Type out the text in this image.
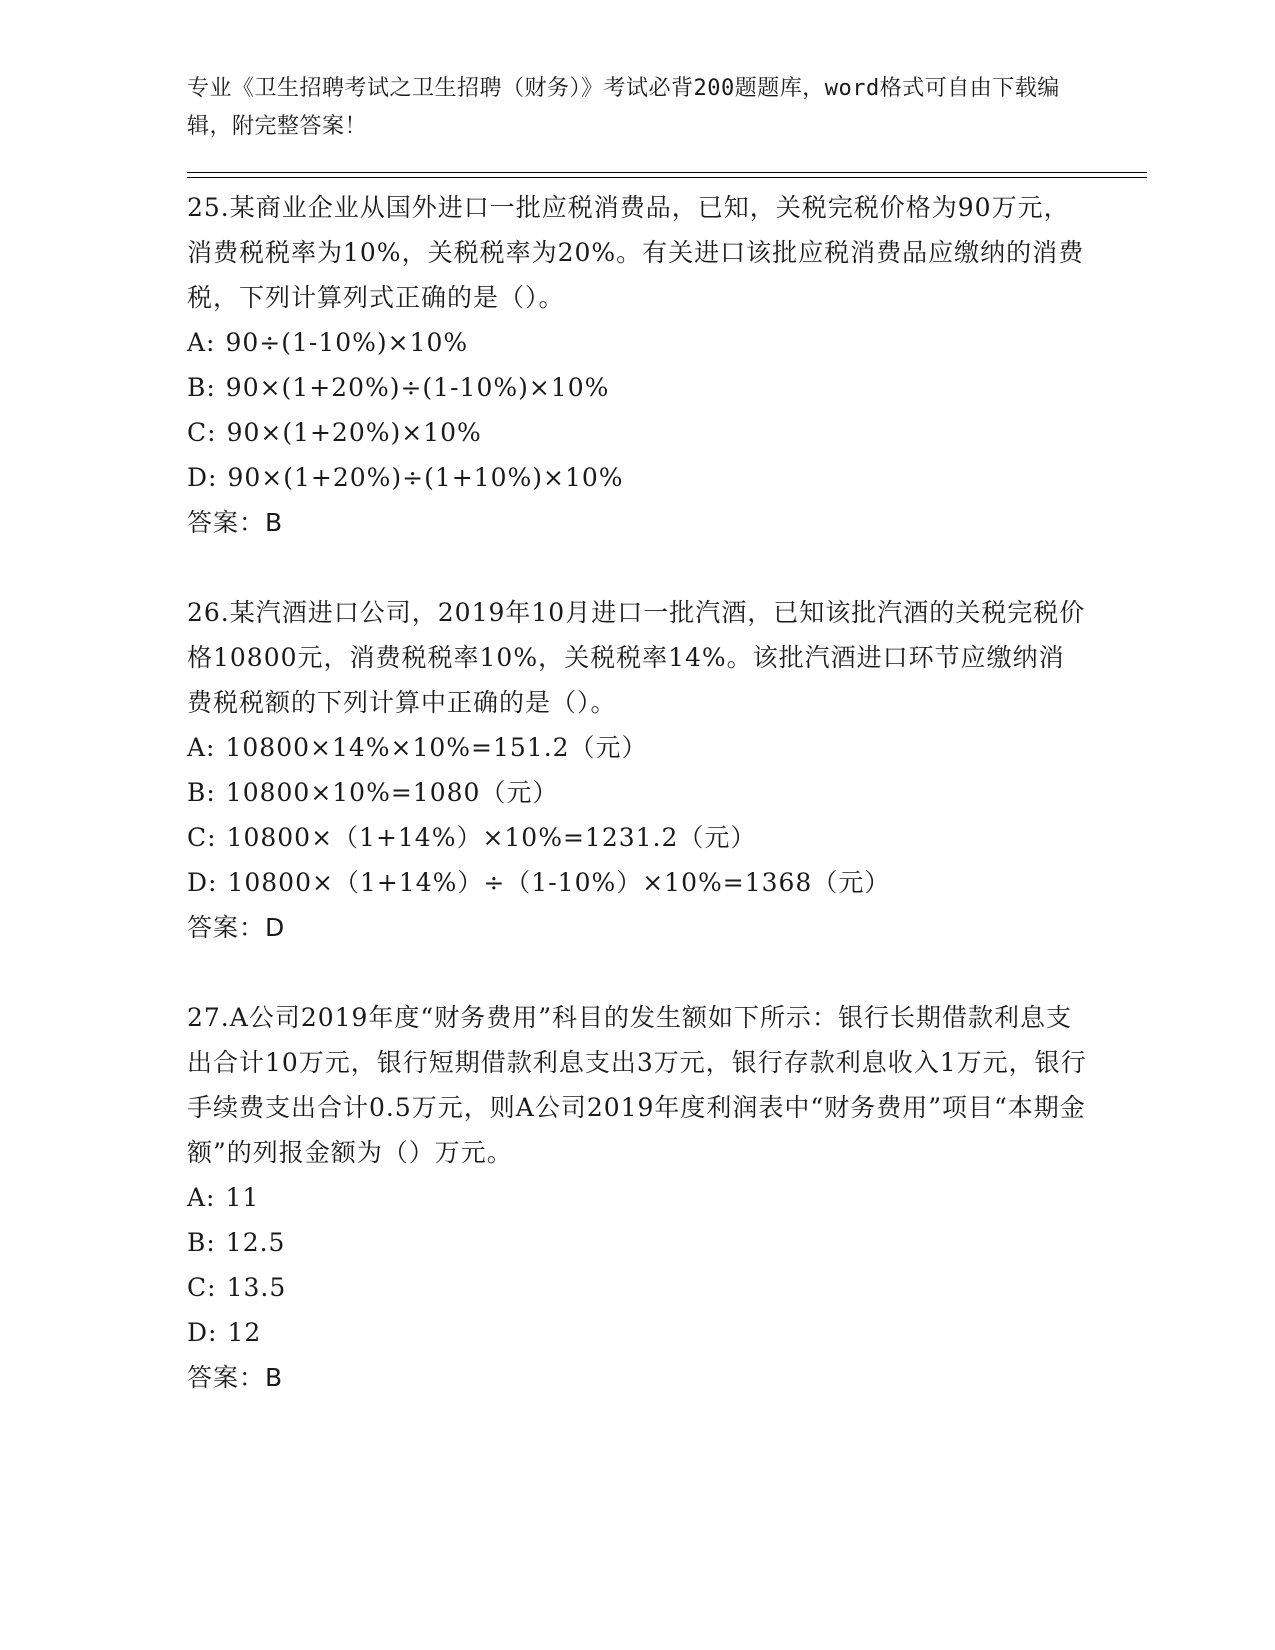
专业《卫生招聘考试之卫生招聘（财务）》考试必背200题题库，word格式可自由下载编辑，附完整答案！

25.某商业企业从国外进口一批应税消费品，已知，关税完税价格为90万元，消费税税率为10%，关税税率为20%。有关进口该批应税消费品应缴纳的消费税，下列计算列式正确的是（）。

A: 90÷(1-10%)×10%
B: 90×(1+20%)÷(1-10%)×10%
C: 90×(1+20%)×10%
D: 90×(1+20%)÷(1+10%)×10%

答案：B

26.某汽酒进口公司，2019年10月进口一批汽酒，已知该批汽酒的关税完税价格10800元，消费税税率10%，关税税率14%。该批汽酒进口环节应缴纳消费税税额的下列计算中正确的是（）。

A: 10800×14%×10%=151.2（元）
B: 10800×10%=1080（元）
C: 10800×（1+14%）×10%=1231.2（元）
D: 10800×（1+14%）÷（1-10%）×10%=1368（元）

答案：D

27.A公司2019年度“财务费用”科目的发生额如下所示：银行长期借款利息支出合计10万元，银行短期借款利息支出3万元，银行存款利息收入1万元，银行手续费支出合计0.5万元，则A公司2019年度利润表中“财务费用”项目“本期金额”的列报金额为（）万元。

A: 11
B: 12.5
C: 13.5
D: 12

答案：B
